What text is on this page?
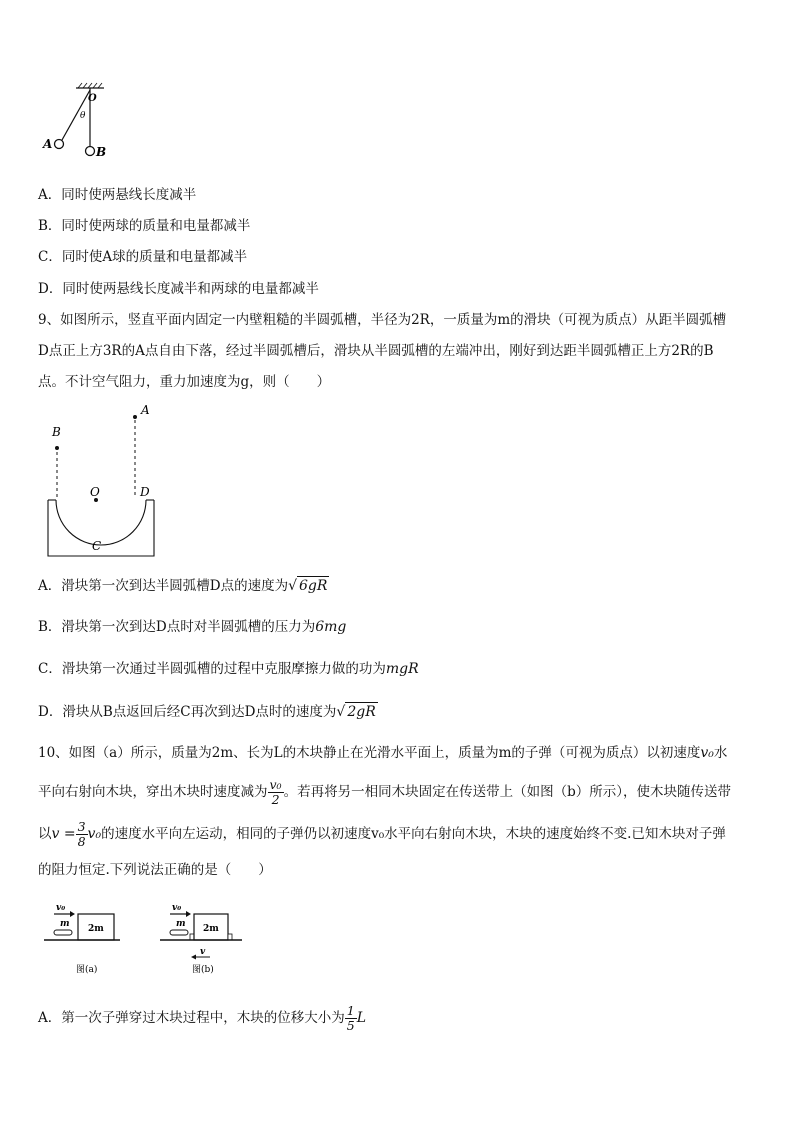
O
θ
A
B
A．同时使两悬线长度减半
B．同时使两球的质量和电量都减半
C．同时使A球的质量和电量都减半
D．同时使两悬线长度减半和两球的电量都减半
9、如图所示，竖直平面内固定一内壁粗糙的半圆弧槽，半径为2R，一质量为m的滑块（可视为质点）从距半圆弧槽
D点正上方3R的A点自由下落，经过半圆弧槽后，滑块从半圆弧槽的左端冲出，刚好到达距半圆弧槽正上方2R的B
点。不计空气阻力，重力加速度为g，则（　　）
B
A
O	D
C
A．滑块第一次到达半圆弧槽D点的速度为√ 6gR
B．滑块第一次到达D点时对半圆弧槽的压力为6mg
C．滑块第一次通过半圆弧槽的过程中克服摩擦力做的功为mgR
D．滑块从B点返回后经C再次到达D点时的速度为√ 2gR
10、如图（a）所示，质量为2m、长为L的木块静止在光滑水平面上，质量为m的子弹（可视为质点）以初速度v₀水
平向右射向木块，穿出木块时速度减为 $\frac{\text{v₀}}{2}$ 。若再将另一相同木块固定在传送带上（如图（b）所示），使木块随传送带
以$v = \frac{3}{8} v_0$的速度水平向左运动，相同的子弹仍以初速度v₀水平向右射向木块，木块的速度始终不变.已知木块对子弹
的阻力恒定.下列说法正确的是（　　）
v₀
m 2m
图(a)
v₀
m 2m
v
图(b)
A．第一次子弹穿过木块过程中，木块的位移大小为 $\frac{1}{5}$ L
